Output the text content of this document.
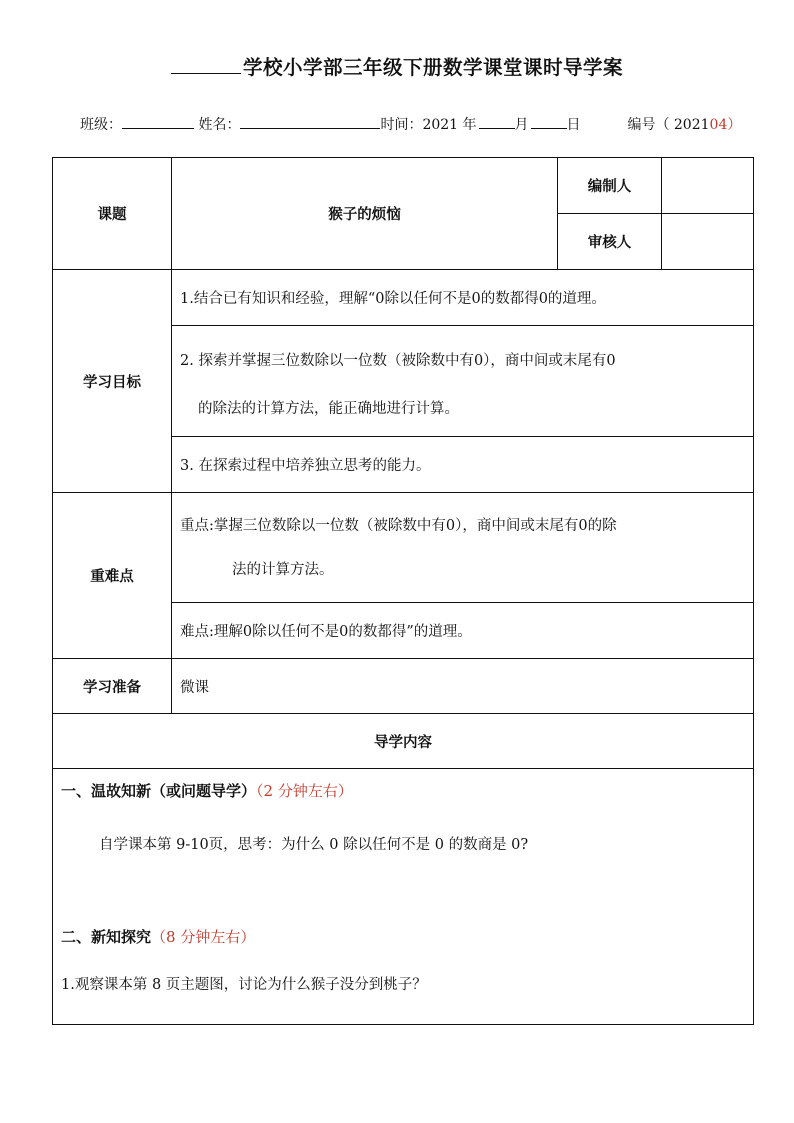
学校小学部三年级下册数学课堂课时导学案
班级：	姓名：	时间：2021 年	月	日	编号（ 202104）
课题	猴子的烦恼	编制人	
		审核人	
学习目标	1.结合已有知识和经验，理解“0除以任何不是0的数都得0的道理。		

	2. 探索并掌握三位数除以一位数（被除数中有0），商中间或末尾有0
的除法的计算方法，能正确地进行计算。		

	3. 在探索过程中培养独立思考的能力。		
重难点	重点:掌握三位数除以一位数（被除数中有0），商中间或末尾有0的除
法的计算方法。		

	难点:理解0除以任何不是0的数都得”的道理。		
学习准备	微课		
导学内容			

一、温故知新（或问题导学）（2 分钟左右）
自学课本第 9-10页，思考：为什么 0 除以任何不是 0 的数商是 0?
二、新知探究（8 分钟左右）
1.观察课本第 8 页主题图，讨论为什么猴子没分到桃子？			
